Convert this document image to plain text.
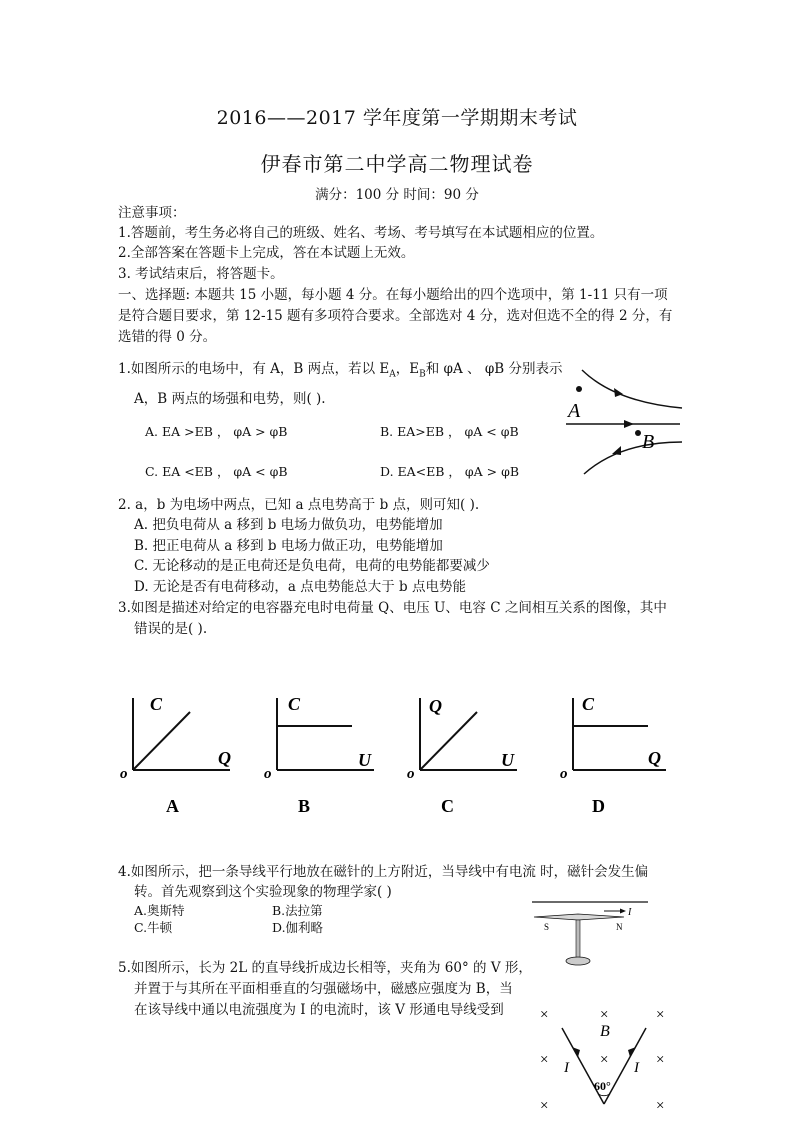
2016——2017 学年度第一学期期末考试
伊春市第二中学高二物理试卷
满分：100 分 时间：90 分
注意事项：
1.答题前，考生务必将自己的班级、姓名、考场、考号填写在本试题相应的位置。
2.全部答案在答题卡上完成，答在本试题上无效。
3. 考试结束后，将答题卡。
一、选择题: 本题共 15 小题，每小题 4 分。在每小题给出的四个选项中，第 1-11 只有一项
是符合题目要求，第 12-15 题有多项符合要求。全部选对 4 分，选对但选不全的得 2 分，有
选错的得 0 分。
1.如图所示的电场中，有 A，B 两点，若以 $E_A$，$E_B$和 φA 、 φB 分别表示
A，B 两点的场强和电势，则( ).
A. EA >EB ， φA > φB	B. EA>EB ， φA < φB
C. EA <EB ， φA < φB	D. EA<EB ， φA > φB
A
B
2. a，b 为电场中两点，已知 a 点电势高于 b 点，则可知( ).
A. 把负电荷从 a 移到 b 电场力做负功，电势能增加
B. 把正电荷从 a 移到 b 电场力做正功，电势能增加
C. 无论移动的是正电荷还是负电荷，电荷的电势能都要减少
D. 无论是否有电荷移动，a 点电势能总大于 b 点电势能
3.如图是描述对给定的电容器充电时电荷量 Q、电压 U、电容 C 之间相互关系的图像，其中
错误的是( ).
C
Q
o
A
C
U
o
B
Q
U
o
C
C
Q
o
D
4.如图所示，把一条导线平行地放在磁针的上方附近，当导线中有电流 时，磁针会发生偏
转。首先观察到这个实验现象的物理学家( )
A.奥斯特	B.法拉第
C.牛顿	D.伽利略
I
S	N
5.如图所示，长为 2L 的直导线折成边长相等，夹角为 60° 的 V 形，
并置于与其所在平面相垂直的匀强磁场中，磁感应强度为 B，当
在该导线中通以电流强度为 I 的电流时，该 V 形通电导线受到 ×	×	×
×	×	×
×	×
B
I	I
60°
